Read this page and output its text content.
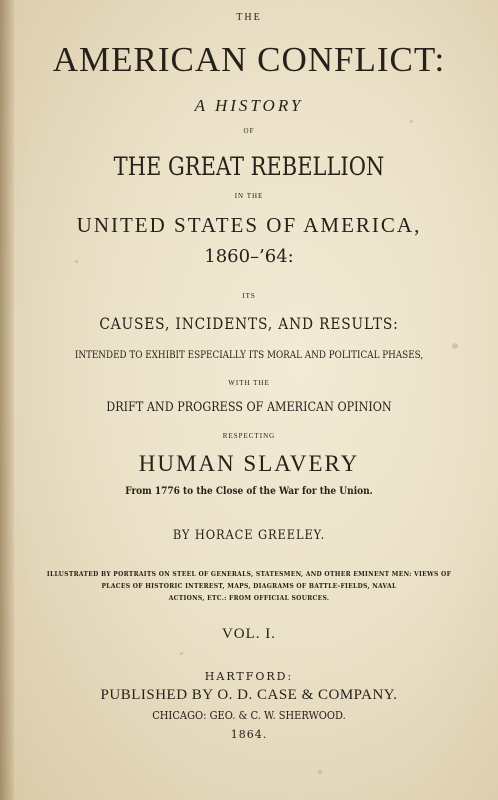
THE

AMERICAN CONFLICT:

A HISTORY

OF

THE GREAT REBELLION

IN THE

UNITED STATES OF AMERICA,

1860–’64:

ITS

CAUSES, INCIDENTS, AND RESULTS:

INTENDED TO EXHIBIT ESPECIALLY ITS MORAL AND POLITICAL PHASES,

WITH THE

DRIFT AND PROGRESS OF AMERICAN OPINION

RESPECTING

HUMAN SLAVERY

From 1776 to the Close of the War for the Union.

BY HORACE GREELEY.

ILLUSTRATED BY PORTRAITS ON STEEL OF GENERALS, STATESMEN, AND OTHER EMINENT MEN: VIEWS OF

PLACES OF HISTORIC INTEREST, MAPS, DIAGRAMS OF BATTLE-FIELDS, NAVAL

ACTIONS, ETC.: FROM OFFICIAL SOURCES.

VOL. I.

HARTFORD:

PUBLISHED BY O. D. CASE & COMPANY.

CHICAGO: GEO. & C. W. SHERWOOD.

1864.
